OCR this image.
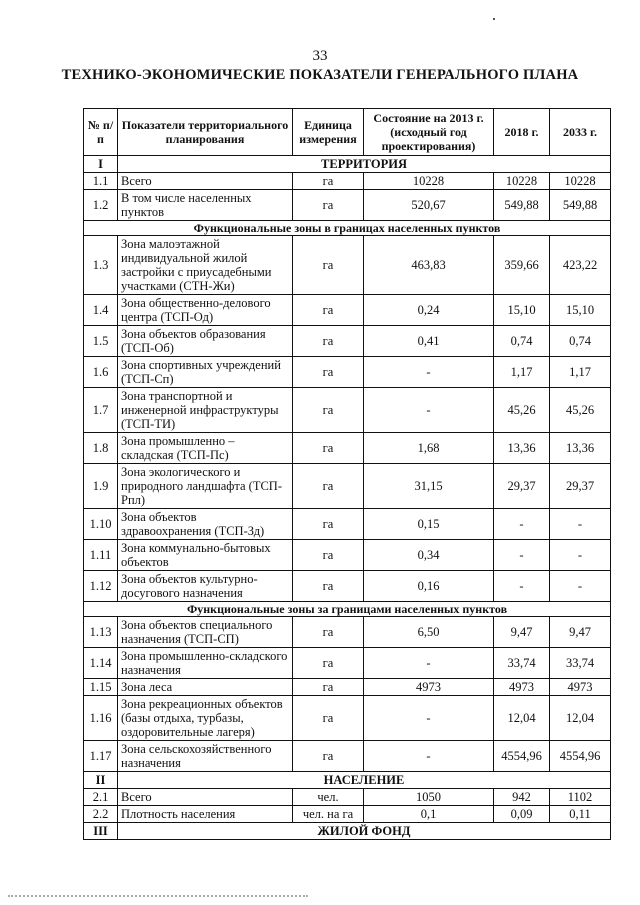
33
ТЕХНИКО-ЭКОНОМИЧЕСКИЕ ПОКАЗАТЕЛИ ГЕНЕРАЛЬНОГО ПЛАНА
№ п/п	Показатели территориального планирования	Единица измерения	Состояние на 2013 г. (исходный год проектирования)	2018 г.	2033 г.
I	ТЕРРИТОРИЯ				
1.1	Всего	га	10228	10228	10228
1.2	В том числе населенных пунктов	га	520,67	549,88	549,88
Функциональные зоны в границах населенных пунктов					
1.3	Зона малоэтажной индивидуальной жилой застройки с приусадебными участками (СТН-Жи)	га	463,83	359,66	423,22
1.4	Зона общественно-делового центра (ТСП-Од)	га	0,24	15,10	15,10
1.5	Зона объектов образования (ТСП-Об)	га	0,41	0,74	0,74
1.6	Зона спортивных учреждений (ТСП-Сп)	га	-	1,17	1,17
1.7	Зона транспортной и инженерной инфраструктуры (ТСП-ТИ)	га	-	45,26	45,26
1.8	Зона промышленно – складская (ТСП-Пс)	га	1,68	13,36	13,36
1.9	Зона экологического и природного ландшафта (ТСП-Рпл)	га	31,15	29,37	29,37
1.10	Зона объектов здравоохранения (ТСП-Зд)	га	0,15	-	-
1.11	Зона коммунально-бытовых объектов	га	0,34	-	-
1.12	Зона объектов культурно-досугового назначения	га	0,16	-	-
Функциональные зоны за границами населенных пунктов					
1.13	Зона объектов специального назначения (ТСП-СП)	га	6,50	9,47	9,47
1.14	Зона промышленно-складского назначения	га	-	33,74	33,74
1.15	Зона леса	га	4973	4973	4973
1.16	Зона рекреационных объектов (базы отдыха, турбазы, оздоровительные лагеря)	га	-	12,04	12,04
1.17	Зона сельскохозяйственного назначения	га	-	4554,96	4554,96
II	НАСЕЛЕНИЕ				
2.1	Всего	чел.	1050	942	1102
2.2	Плотность населения	чел. на га	0,1	0,09	0,11
III	ЖИЛОЙ ФОНД				
